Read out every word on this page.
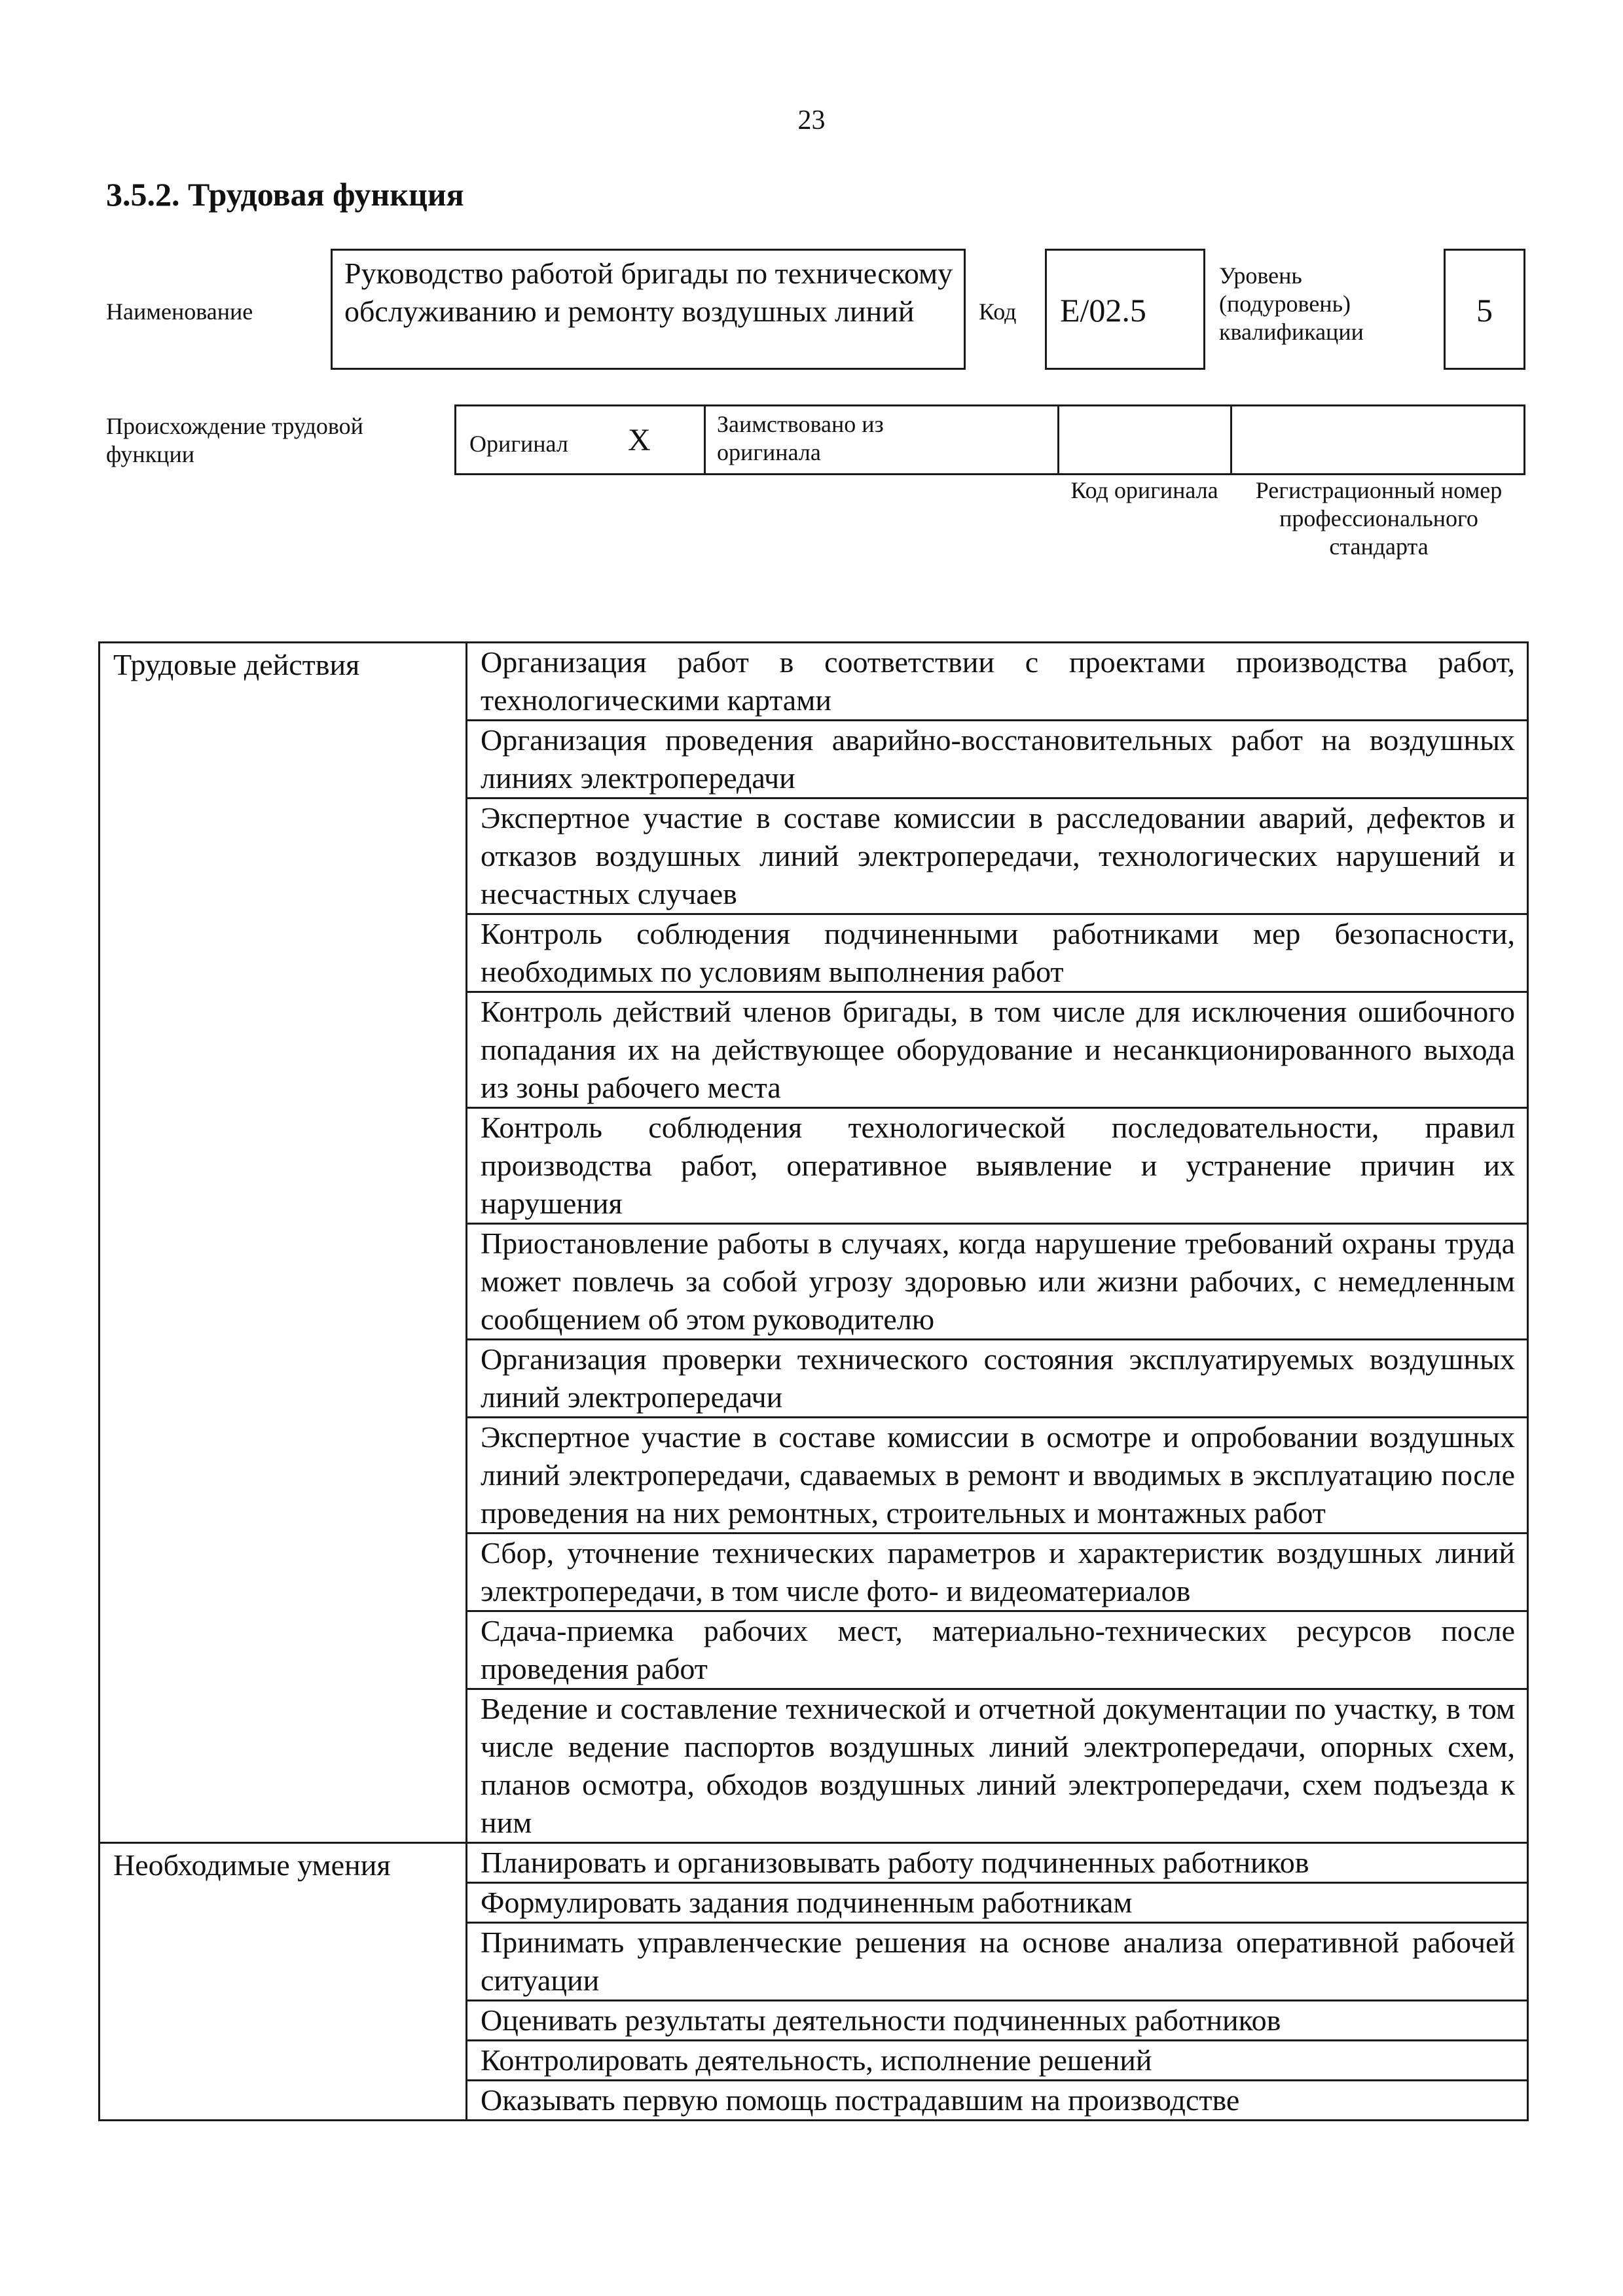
23
3.5.2. Трудовая функция
Наименование
Руководство работой бригады по техническому обслуживанию и ремонту воздушных линий	Код E/02.5
Уровень (подуровень) квалификации
5
Происхождение трудовой функции	Оригинал X	Заимствовано из оригинала
Код оригинала	Регистрационный номер профессионального стандарта
Трудовые действия	Организация работ в соответствии с проектами производства работ, технологическими картами
	Организация проведения аварийно-восстановительных работ на воздушных линиях электропередачи
	Экспертное участие в составе комиссии в расследовании аварий, дефектов и отказов воздушных линий электропередачи, технологических нарушений и несчастных случаев
	Контроль соблюдения подчиненными работниками мер безопасности, необходимых по условиям выполнения работ
	Контроль действий членов бригады, в том числе для исключения ошибочного попадания их на действующее оборудование и несанкционированного выхода из зоны рабочего места
	Контроль соблюдения технологической последовательности, правил производства работ, оперативное выявление и устранение причин их нарушения
	Приостановление работы в случаях, когда нарушение требований охраны труда может повлечь за собой угрозу здоровью или жизни рабочих, с немедленным сообщением об этом руководителю
	Организация проверки технического состояния эксплуатируемых воздушных линий электропередачи
	Экспертное участие в составе комиссии в осмотре и опробовании воздушных линий электропередачи, сдаваемых в ремонт и вводимых в эксплуатацию после проведения на них ремонтных, строительных и монтажных работ
	Сбор, уточнение технических параметров и характеристик воздушных линий электропередачи, в том числе фото- и видеоматериалов
	Сдача-приемка рабочих мест, материально-технических ресурсов после проведения работ
	Ведение и составление технической и отчетной документации по участку, в том числе ведение паспортов воздушных линий электропередачи, опорных схем, планов осмотра, обходов воздушных линий электропередачи, схем подъезда к ним
Необходимые умения	Планировать и организовывать работу подчиненных работников
	Формулировать задания подчиненным работникам
	Принимать управленческие решения на основе анализа оперативной рабочей ситуации
	Оценивать результаты деятельности подчиненных работников
	Контролировать деятельность, исполнение решений
	Оказывать первую помощь пострадавшим на производстве
